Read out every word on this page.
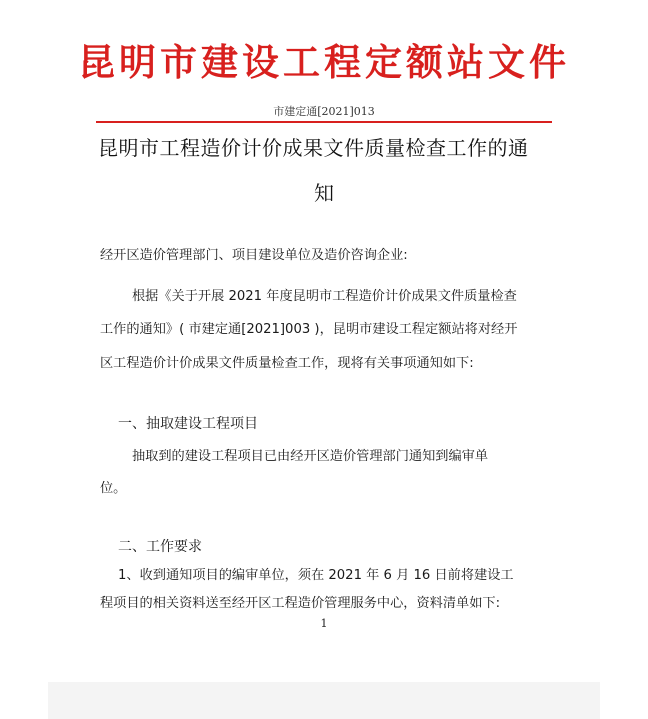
昆明市建设工程定额站文件
市建定通[2021]013
昆明市工程造价计价成果文件质量检查工作的通
知
经开区造价管理部门、项目建设单位及造价咨询企业:
根据《关于开展 2021 年度昆明市工程造价计价成果文件质量检查
工作的通知》( 市建定通[2021]003 )，昆明市建设工程定额站将对经开
区工程造价计价成果文件质量检查工作，现将有关事项通知如下:
一、抽取建设工程项目
抽取到的建设工程项目已由经开区造价管理部门通知到编审单
位。
二、工作要求
1、收到通知项目的编审单位，须在 2021 年 6 月 16 日前将建设工
程项目的相关资料送至经开区工程造价管理服务中心，资料清单如下:
1
